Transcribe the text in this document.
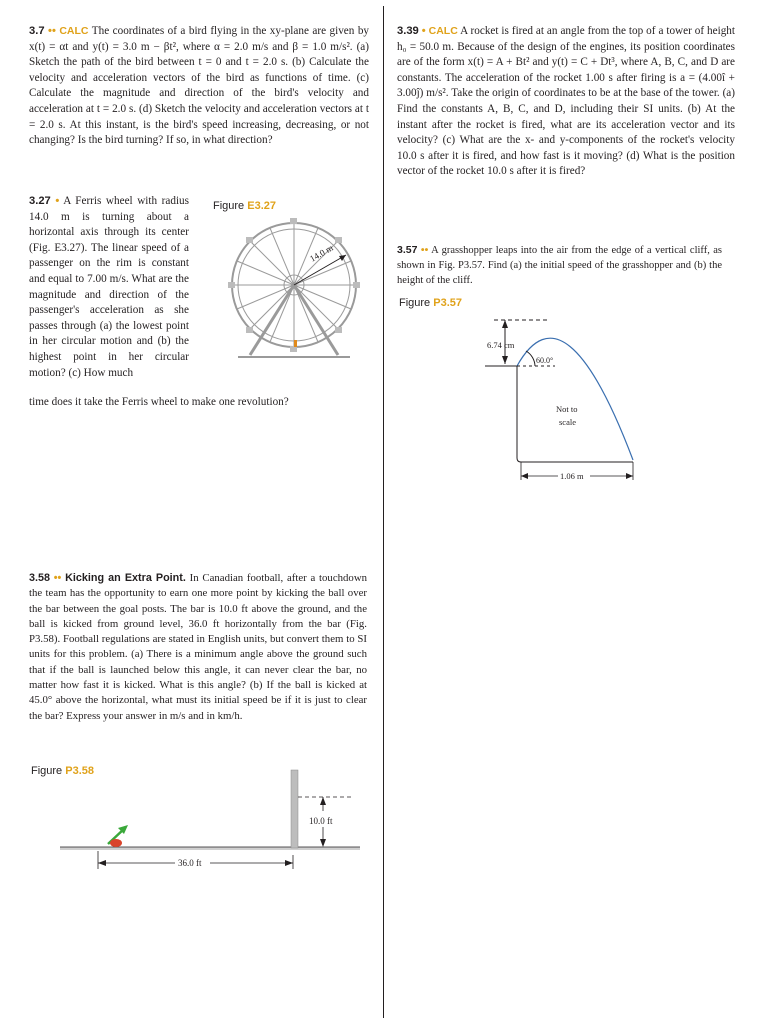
3.7 •• CALC The coordinates of a bird flying in the xy-plane are given by x(t) = αt and y(t) = 3.0 m − βt², where α = 2.0 m/s and β = 1.0 m/s². (a) Sketch the path of the bird between t = 0 and t = 2.0 s. (b) Calculate the velocity and acceleration vectors of the bird as functions of time. (c) Calculate the magnitude and direction of the bird's velocity and acceleration at t = 2.0 s. (d) Sketch the velocity and acceleration vectors at t = 2.0 s. At this instant, is the bird's speed increasing, decreasing, or not changing? Is the bird turning? If so, in what direction?
3.27 • A Ferris wheel with radius 14.0 m is turning about a horizontal axis through its center (Fig. E3.27). The linear speed of a passenger on the rim is constant and equal to 7.00 m/s. What are the magnitude and direction of the passenger's acceleration as she passes through (a) the lowest point in her circular motion and (b) the highest point in her circular motion? (c) How much
time does it take the Ferris wheel to make one revolution?
Figure E3.27
14.0 m
3.39 • CALC A rocket is fired at an angle from the top of a tower of height h₀ = 50.0 m. Because of the design of the engines, its position coordinates are of the form x(t) = A + Bt² and y(t) = C + Dt³, where A, B, C, and D are constants. The acceleration of the rocket 1.00 s after firing is a = (4.00î + 3.00ĵ) m/s². Take the origin of coordinates to be at the base of the tower. (a) Find the constants A, B, C, and D, including their SI units. (b) At the instant after the rocket is fired, what are its acceleration vector and its velocity? (c) What are the x- and y-components of the rocket's velocity 10.0 s after it is fired, and how fast is it moving? (d) What is the position vector of the rocket 10.0 s after it is fired?
3.57 •• A grasshopper leaps into the air from the edge of a vertical cliff, as shown in Fig. P3.57. Find (a) the initial speed of the grasshopper and (b) the height of the cliff.
Figure P3.57
6.74 cm
60.0°
Not to
scale
1.06 m
3.58 •• Kicking an Extra Point. In Canadian football, after a touchdown the team has the opportunity to earn one more point by kicking the ball over the bar between the goal posts. The bar is 10.0 ft above the ground, and the ball is kicked from ground level, 36.0 ft horizontally from the bar (Fig. P3.58). Football regulations are stated in English units, but convert them to SI units for this problem. (a) There is a minimum angle above the ground such that if the ball is launched below this angle, it can never clear the bar, no matter how fast it is kicked. What is this angle? (b) If the ball is kicked at 45.0° above the horizontal, what must its initial speed be if it is just to clear the bar? Express your answer in m/s and in km/h.
Figure P3.58
10.0 ft
36.0 ft
